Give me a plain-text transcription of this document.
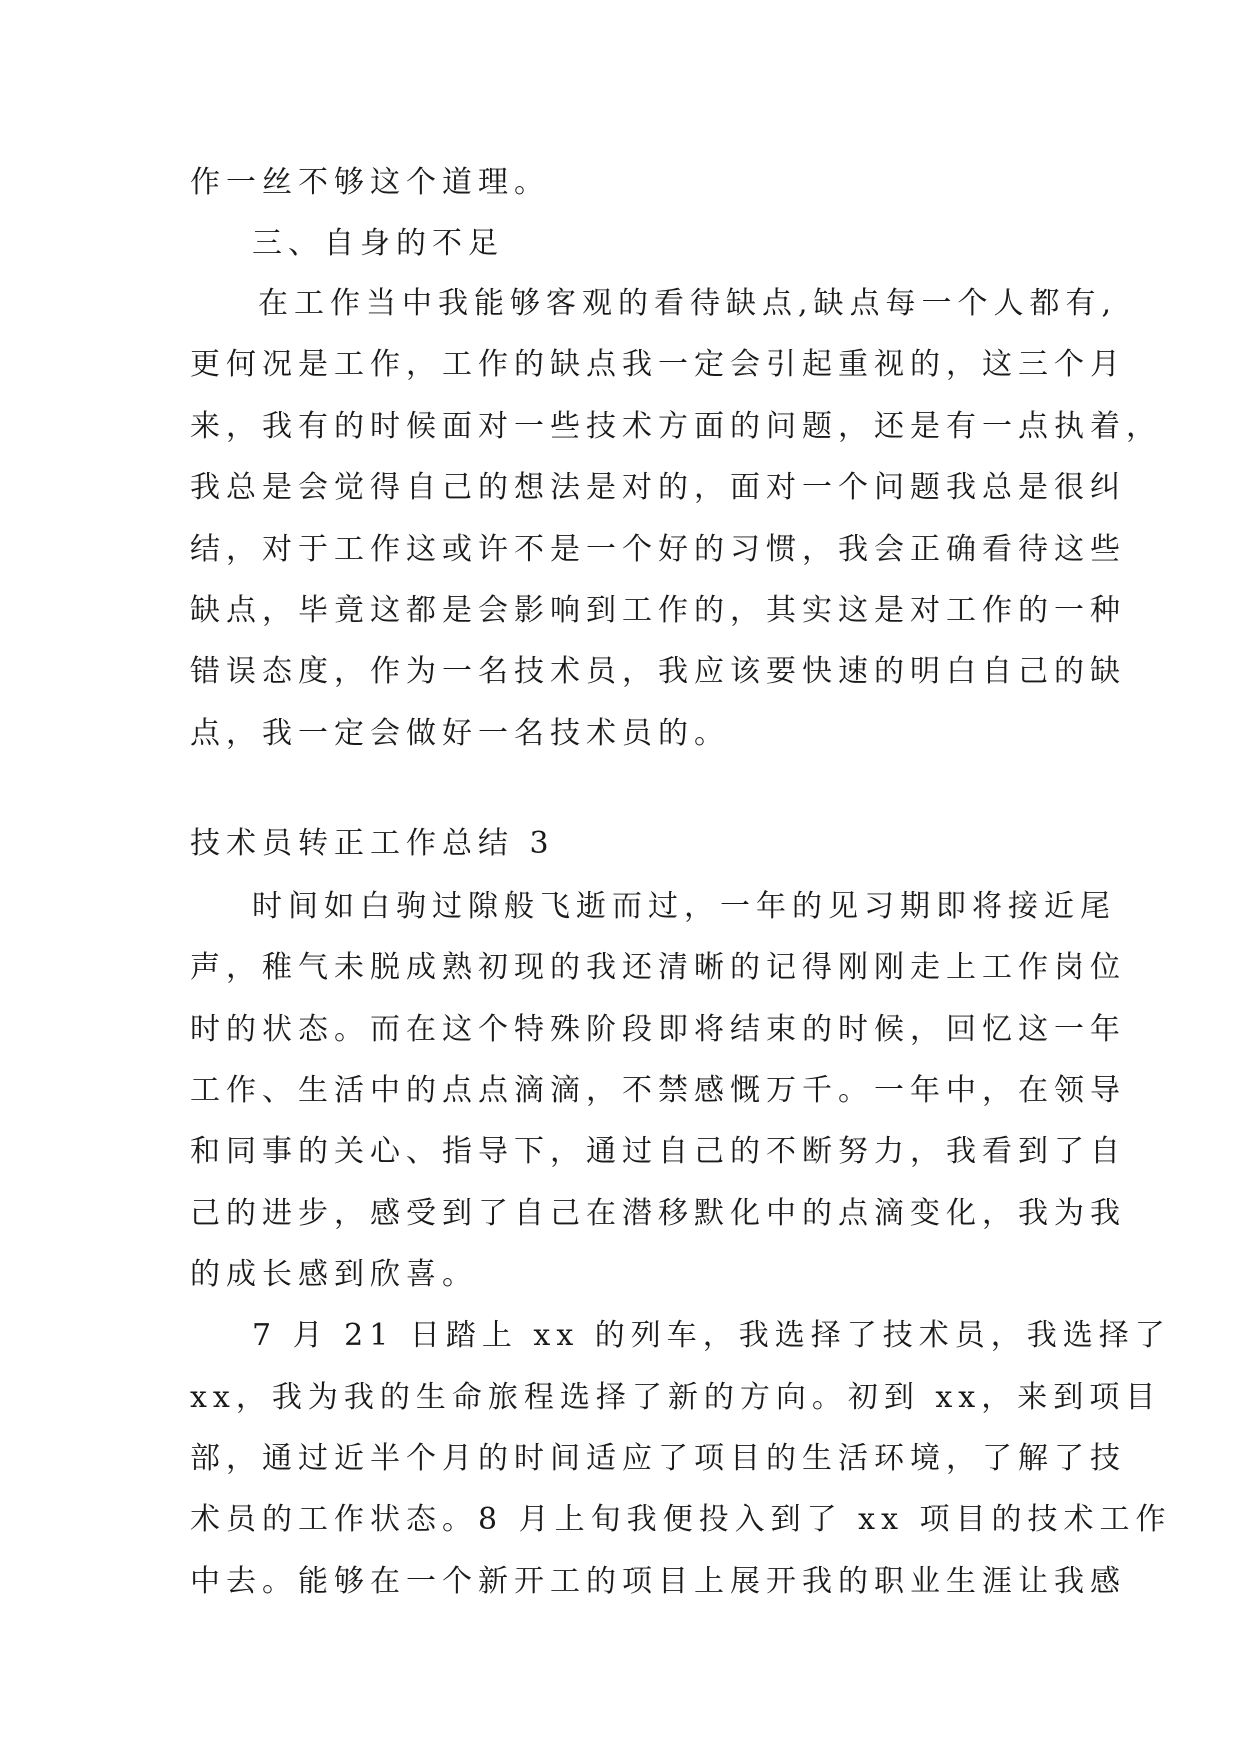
作一丝不够这个道理。
三、自身的不足
在工作当中我能够客观的看待缺点,缺点每一个人都有,
更何况是工作，工作的缺点我一定会引起重视的，这三个月
来，我有的时候面对一些技术方面的问题，还是有一点执着，
我总是会觉得自己的想法是对的，面对一个问题我总是很纠
结，对于工作这或许不是一个好的习惯，我会正确看待这些
缺点，毕竟这都是会影响到工作的，其实这是对工作的一种
错误态度，作为一名技术员，我应该要快速的明白自己的缺
点，我一定会做好一名技术员的。
技术员转正工作总结 3
时间如白驹过隙般飞逝而过，一年的见习期即将接近尾
声，稚气未脱成熟初现的我还清晰的记得刚刚走上工作岗位
时的状态。而在这个特殊阶段即将结束的时候，回忆这一年
工作、生活中的点点滴滴，不禁感慨万千。一年中，在领导
和同事的关心、指导下，通过自己的不断努力，我看到了自
己的进步，感受到了自己在潜移默化中的点滴变化，我为我
的成长感到欣喜。
7 月 21 日踏上 xx 的列车，我选择了技术员，我选择了
xx，我为我的生命旅程选择了新的方向。初到 xx，来到项目
部，通过近半个月的时间适应了项目的生活环境，了解了技
术员的工作状态。8 月上旬我便投入到了 xx 项目的技术工作
中去。能够在一个新开工的项目上展开我的职业生涯让我感
